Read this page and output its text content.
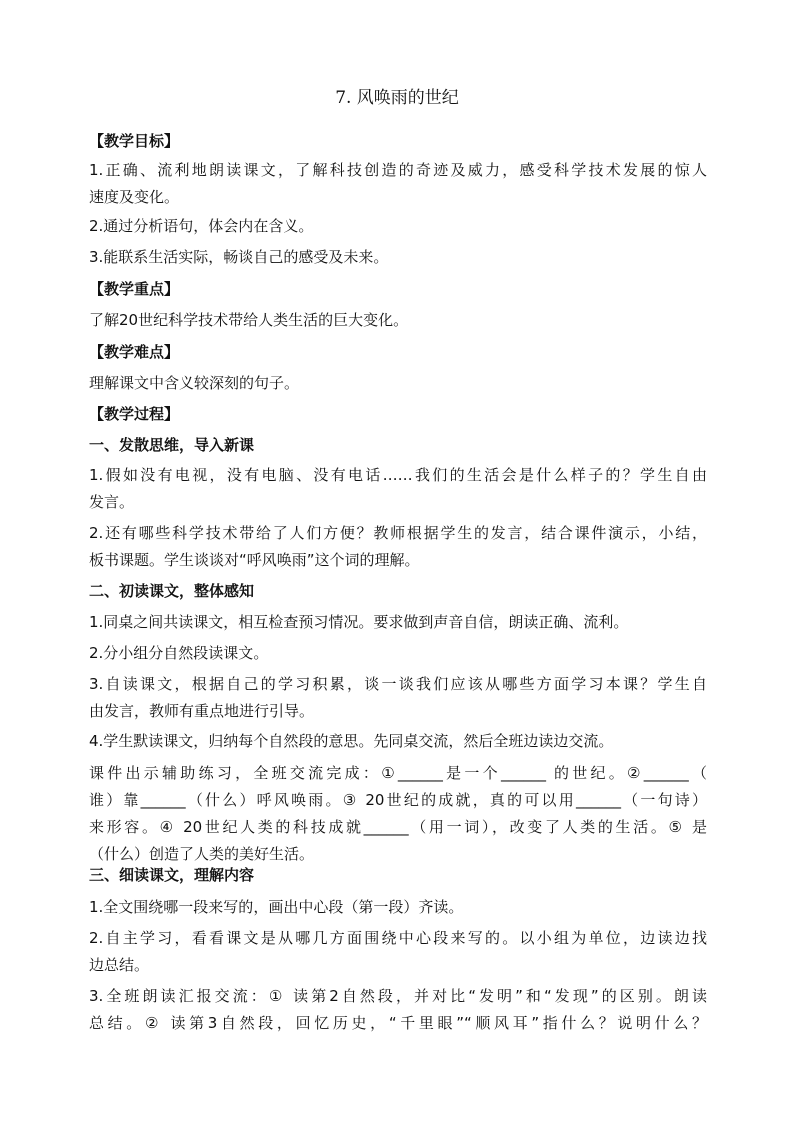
7. 风唤雨的世纪
【教学目标】
1.正确、流利地朗读课文，了解科技创造的奇迹及威力，感受科学技术发展的惊人
速度及变化。
2.通过分析语句，体会内在含义。
3.能联系生活实际，畅谈自己的感受及未来。
【教学重点】
了解20世纪科学技术带给人类生活的巨大变化。
【教学难点】
理解课文中含义较深刻的句子。
【教学过程】
一、发散思维，导入新课
1.假如没有电视，没有电脑、没有电话……我们的生活会是什么样子的？学生自由
发言。
2.还有哪些科学技术带给了人们方便？教师根据学生的发言，结合课件演示，小结，
板书课题。学生谈谈对“呼风唤雨”这个词的理解。
二、初读课文，整体感知
1.同桌之间共读课文，相互检查预习情况。要求做到声音自信，朗读正确、流利。
2.分小组分自然段读课文。
3.自读课文，根据自己的学习积累，谈一谈我们应该从哪些方面学习本课？学生自
由发言，教师有重点地进行引导。
4.学生默读课文，归纳每个自然段的意思。先同桌交流，然后全班边读边交流。
课件出示辅助练习，全班交流完成：①______是一个______ 的世纪。②______（
谁）靠______（什么）呼风唤雨。③ 20世纪的成就，真的可以用______（一句诗）
来形容。④ 20世纪人类的科技成就______（用一词），改变了人类的生活。⑤ 是
（什么）创造了人类的美好生活。
三、细读课文，理解内容
1.全文围绕哪一段来写的，画出中心段（第一段）齐读。
2.自主学习，看看课文是从哪几方面围绕中心段来写的。以小组为单位，边读边找
边总结。
3.全班朗读汇报交流：① 读第2自然段，并对比“发明”和“发现”的区别。朗读
总结。② 读第3自然段，回忆历史，“千里眼”“顺风耳”指什么？说明什么？
